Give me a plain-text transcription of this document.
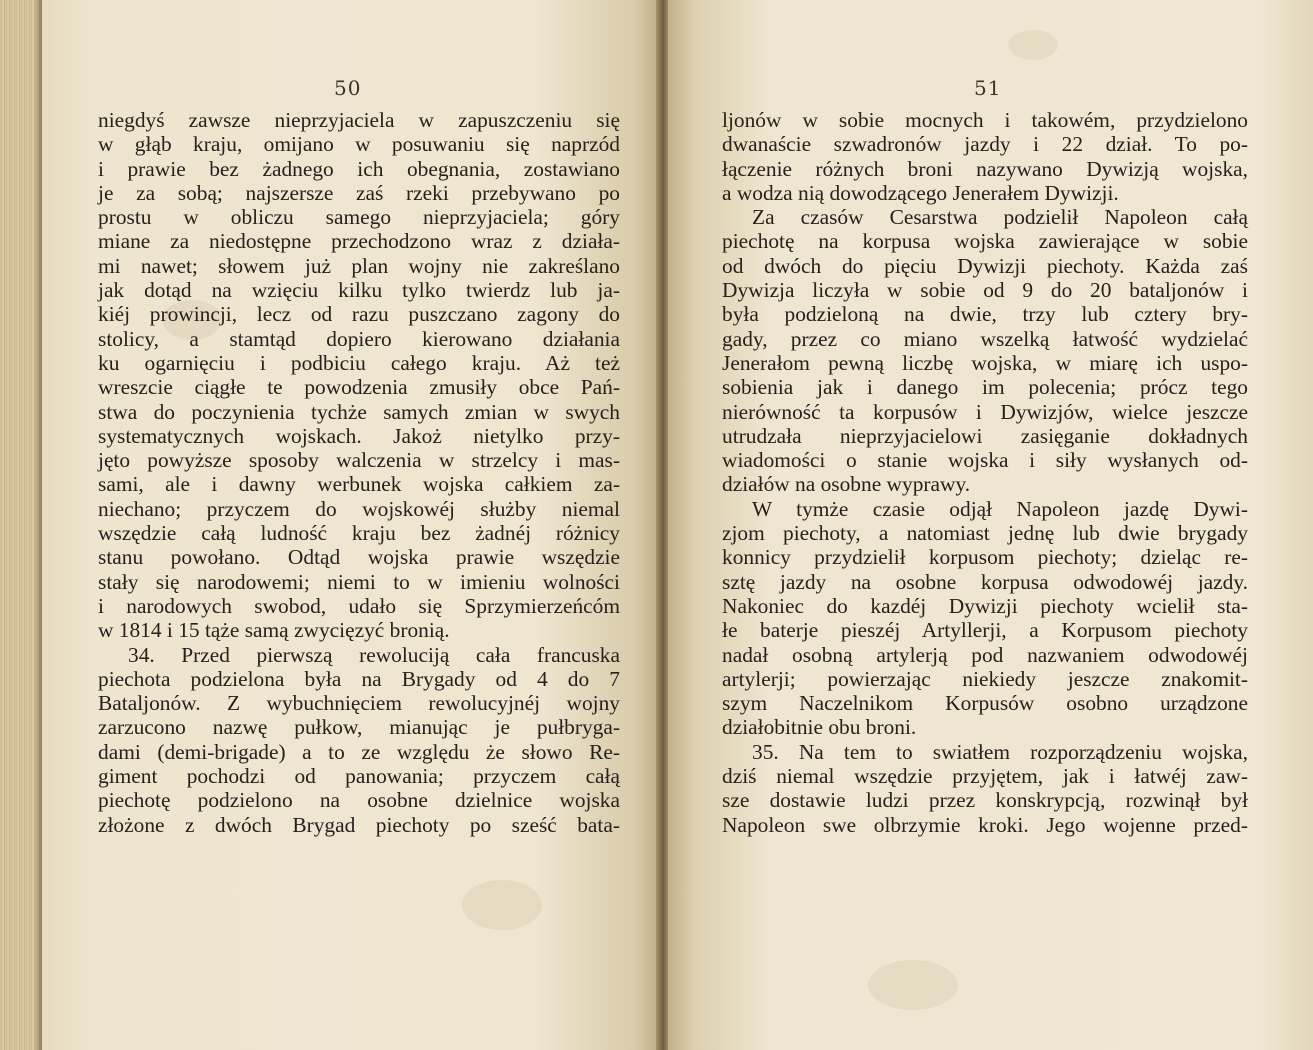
50
niegdyś zawsze nieprzyjaciela w zapuszczeniu się
w głąb kraju, omijano w posuwaniu się naprzód
i prawie bez żadnego ich obegnania, zostawiano
je za sobą; najszersze zaś rzeki przebywano po
prostu w obliczu samego nieprzyjaciela; góry
miane za niedostępne przechodzono wraz z działa-
mi nawet; słowem już plan wojny nie zakreślano
jak dotąd na wzięciu kilku tylko twierdz lub ja-
kiéj prowincji, lecz od razu puszczano zagony do
stolicy, a stamtąd dopiero kierowano działania
ku ogarnięciu i podbiciu całego kraju. Aż też
wreszcie ciągłe te powodzenia zmusiły obce Pań-
stwa do poczynienia tychże samych zmian w swych
systematycznych wojskach. Jakoż nietylko przy-
jęto powyższe sposoby walczenia w strzelcy i mas-
sami, ale i dawny werbunek wojska całkiem za-
niechano; przyczem do wojskowéj służby niemal
wszędzie całą ludność kraju bez żadnéj różnicy
stanu powołano. Odtąd wojska prawie wszędzie
stały się narodowemi; niemi to w imieniu wolności
i narodowych swobod, udało się Sprzymierzeńcóm
w 1814 i 15 tąże samą zwycięzyć bronią.
34. Przed pierwszą rewoluciją cała francuska
piechota podzielona była na Brygady od 4 do 7
Bataljonów. Z wybuchnięciem rewolucyjnéj wojny
zarzucono nazwę pułkow, mianując je pułbryga-
dami (demi-brigade) a to ze względu że słowo Re-
giment pochodzi od panowania; przyczem całą
piechotę podzielono na osobne dzielnice wojska
złożone z dwóch Brygad piechoty po sześć bata-
51
ljonów w sobie mocnych i takowém, przydzielono
dwanaście szwadronów jazdy i 22 dział. To po-
łączenie różnych broni nazywano Dywizją wojska,
a wodza nią dowodzącego Jenerałem Dywizji.
Za czasów Cesarstwa podzielił Napoleon całą
piechotę na korpusa wojska zawierające w sobie
od dwóch do pięciu Dywizji piechoty. Każda zaś
Dywizja liczyła w sobie od 9 do 20 bataljonów i
była podzieloną na dwie, trzy lub cztery bry-
gady, przez co miano wszelką łatwość wydzielać
Jenerałom pewną liczbę wojska, w miarę ich uspo-
sobienia jak i danego im polecenia; prócz tego
nierówność ta korpusów i Dywizjów, wielce jeszcze
utrudzała nieprzyjacielowi zasięganie dokładnych
wiadomości o stanie wojska i siły wysłanych od-
działów na osobne wyprawy.
W tymże czasie odjął Napoleon jazdę Dywi-
zjom piechoty, a natomiast jednę lub dwie brygady
konnicy przydzielił korpusom piechoty; dzieląc re-
sztę jazdy na osobne korpusa odwodowéj jazdy.
Nakoniec do kazdéj Dywizji piechoty wcielił sta-
łe baterje pieszéj Artyllerji, a Korpusom piechoty
nadał osobną artylerją pod nazwaniem odwodowéj
artylerji; powierzając niekiedy jeszcze znakomit-
szym Naczelnikom Korpusów osobno urządzone
działobitnie obu broni.
35. Na tem to swiatłem rozporządzeniu wojska,
dziś niemal wszędzie przyjętem, jak i łatwéj zaw-
sze dostawie ludzi przez konskrypcją, rozwinął był
Napoleon swe olbrzymie kroki. Jego wojenne przed-
